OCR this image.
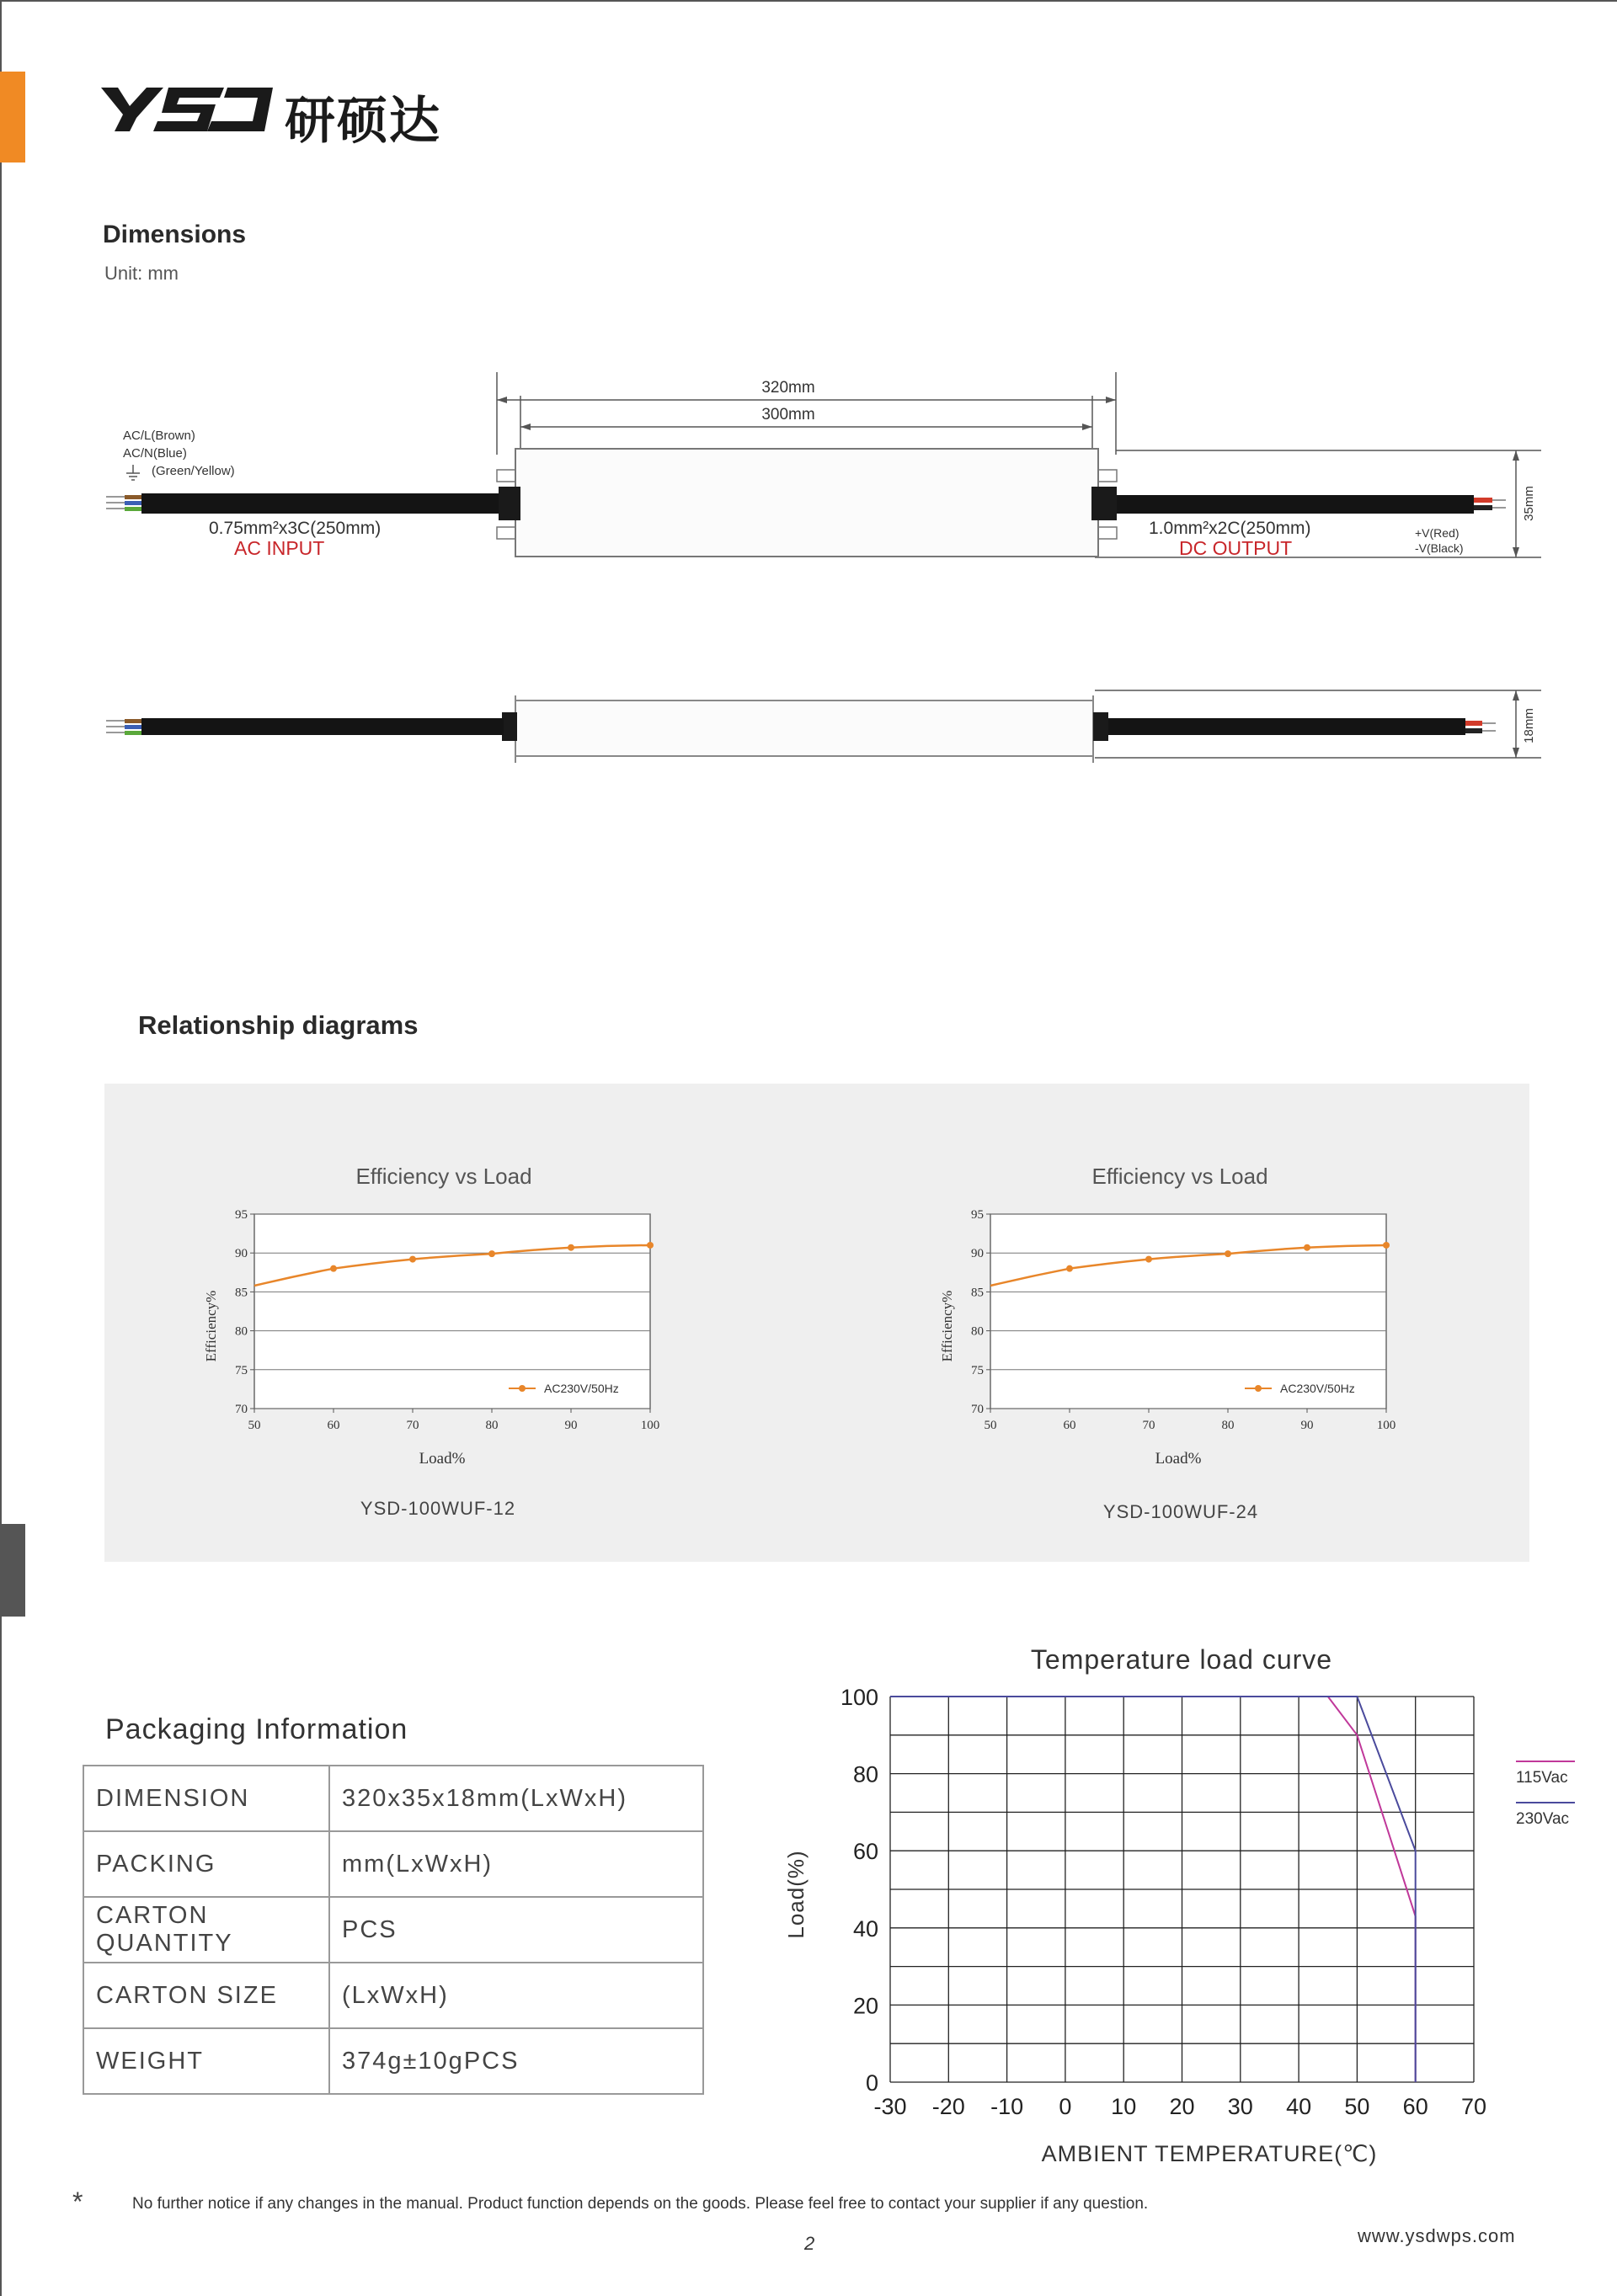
研硕达
Dimensions
Unit: mm
320mm
300mm
35mm
18mm
AC/L(Brown)
AC/N(Blue)
(Green/Yellow)
0.75mm²x3C(250mm)
AC INPUT
1.0mm²x2C(250mm)
DC OUTPUT
+V(Red)
-V(Black)
Relationship diagrams
Efficiency vs Load
70
75
80
85
90
95
50	60	70	80	90	100
AC230V/50Hz
Efficiency%
Load%
YSD-100WUF-12
Efficiency vs Load
70
75
80
85
90
95
50	60	70	80	90	100
AC230V/50Hz
Efficiency%
Load%
YSD-100WUF-24
Packaging Information
DIMENSION	320x35x18mm(LxWxH)
PACKING	mm(LxWxH)
CARTON QUANTITY	PCS
CARTON SIZE	(LxWxH)
WEIGHT	374g±10gPCS
Temperature load curve
0
20
40
60
80
100
-30 -20 -10 0 10 20 30 40 50 60 70
115Vac
230Vac
Load(%)
AMBIENT TEMPERATURE(℃)
*	No further notice if any changes in the manual. Product function depends on the goods. Please feel free to contact your supplier if any question.
2	www.ysdwps.com
